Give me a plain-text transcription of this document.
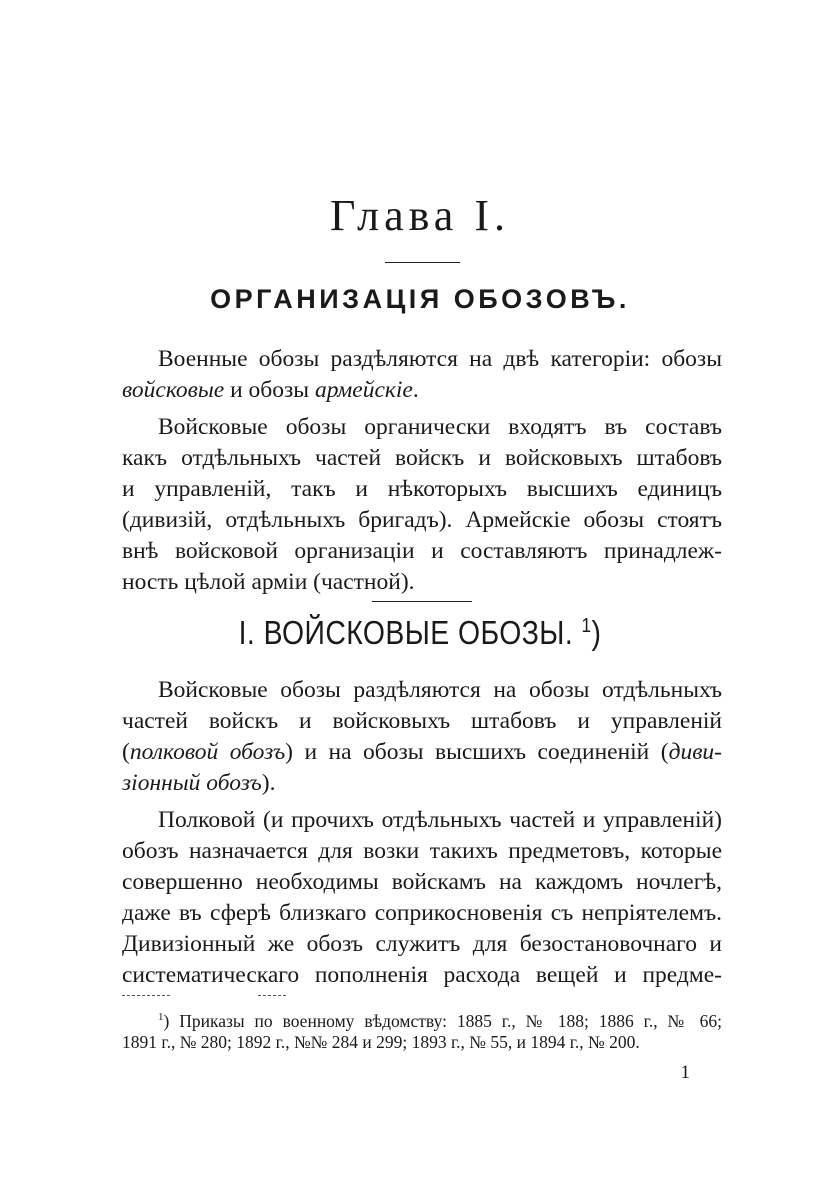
Глава I.
ОРГАНИЗАЦІЯ ОБОЗОВЪ.
Военные обозы раздѣляются на двѣ категоріи: обозы
войсковые и обозы армейскіе.
Войсковые обозы органически входятъ въ составъ
какъ отдѣльныхъ частей войскъ и войсковыхъ штабовъ
и управленій, такъ и нѣкоторыхъ высшихъ единицъ
(дивизій, отдѣльныхъ бригадъ). Армейскіе обозы стоятъ
внѣ войсковой организаціи и составляютъ принадлеж-
ность цѣлой арміи (частной).
I. ВОЙСКОВЫЕ ОБОЗЫ. $^1$)
Войсковые обозы раздѣляются на обозы отдѣльныхъ
частей войскъ и войсковыхъ штабовъ и управленій
(полковой обозъ) и на обозы высшихъ соединеній (диви-
зіонный обозъ).
Полковой (и прочихъ отдѣльныхъ частей и управленій)
обозъ назначается для возки такихъ предметовъ, которые
совершенно необходимы войскамъ на каждомъ ночлегѣ,
даже въ сферѣ близкаго соприкосновенія съ непріятелемъ.
Дивизіонный же обозъ служитъ для безостановочнаго и
систематическаго пополненія расхода вещей и предме-
$^1$) Приказы по военному вѣдомству: 1885 г., № 188; 1886 г., № 66;
1891 г., № 280; 1892 г., №№ 284 и 299; 1893 г., № 55, и 1894 г., № 200.
1
